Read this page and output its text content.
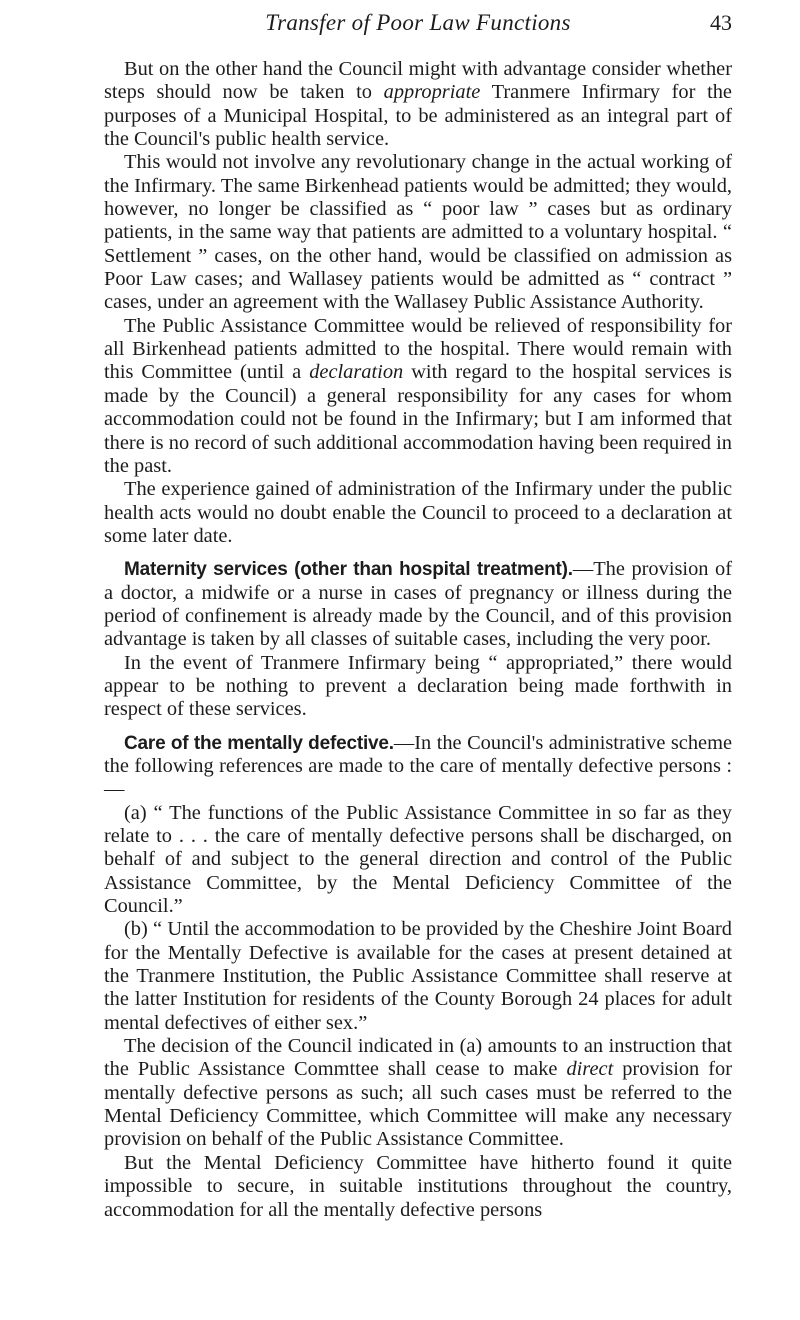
Transfer of Poor Law Functions	43

But on the other hand the Council might with advantage consider whether steps should now be taken to appropriate Tranmere Infirmary for the purposes of a Municipal Hospital, to be administered as an integral part of the Council's public health service.

This would not involve any revolutionary change in the actual working of the Infirmary. The same Birkenhead patients would be admitted; they would, however, no longer be classified as “ poor law ” cases but as ordinary patients, in the same way that patients are admitted to a voluntary hospital. “ Settlement ” cases, on the other hand, would be classified on admission as Poor Law cases; and Wallasey patients would be admitted as “ contract ” cases, under an agreement with the Wallasey Public Assistance Authority.

The Public Assistance Committee would be relieved of responsibility for all Birkenhead patients admitted to the hospital. There would remain with this Committee (until a declaration with regard to the hospital services is made by the Council) a general responsibility for any cases for whom accommodation could not be found in the Infirmary; but I am informed that there is no record of such additional accommodation having been required in the past.

The experience gained of administration of the Infirmary under the public health acts would no doubt enable the Council to proceed to a declaration at some later date.

Maternity services (other than hospital treatment).—The provision of a doctor, a midwife or a nurse in cases of pregnancy or illness during the period of confinement is already made by the Council, and of this provision advantage is taken by all classes of suitable cases, including the very poor.

In the event of Tranmere Infirmary being “ appropriated,” there would appear to be nothing to prevent a declaration being made forthwith in respect of these services.

Care of the mentally defective.—In the Council's administrative scheme the following references are made to the care of mentally defective persons :—

(a) “ The functions of the Public Assistance Committee in so far as they relate to . . . the care of mentally defective persons shall be discharged, on behalf of and subject to the general direction and control of the Public Assistance Committee, by the Mental Deficiency Committee of the Council.”

(b) “ Until the accommodation to be provided by the Cheshire Joint Board for the Mentally Defective is available for the cases at present detained at the Tranmere Institution, the Public Assistance Committee shall reserve at the latter Institution for residents of the County Borough 24 places for adult mental defectives of either sex.”

The decision of the Council indicated in (a) amounts to an instruction that the Public Assistance Commttee shall cease to make direct provision for mentally defective persons as such; all such cases must be referred to the Mental Deficiency Committee, which Committee will make any necessary provision on behalf of the Public Assistance Committee.

But the Mental Deficiency Committee have hitherto found it quite impossible to secure, in suitable institutions throughout the country, accommodation for all the mentally defective persons
